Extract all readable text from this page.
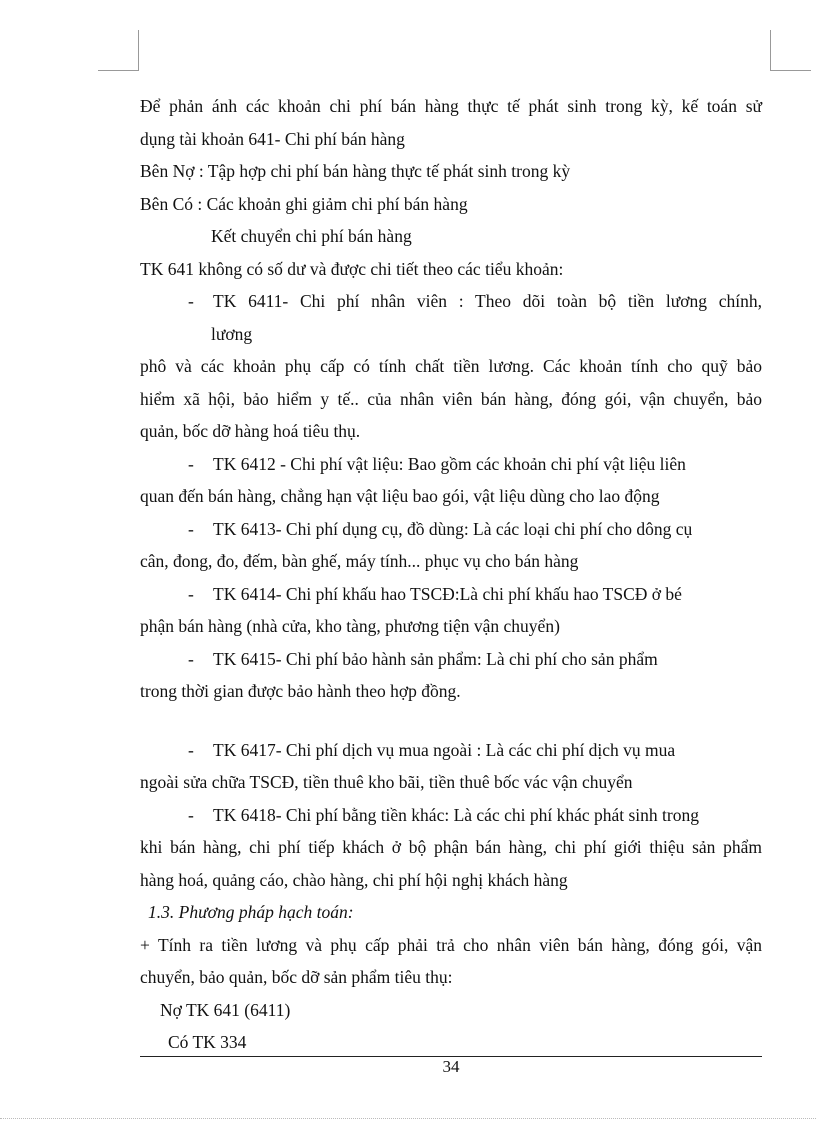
Để phản ánh các khoản chi phí bán hàng thực tế phát sinh trong kỳ, kế toán sử
dụng tài khoản 641- Chi phí bán hàng
Bên Nợ : Tập hợp chi phí bán hàng thực tế phát sinh trong kỳ
Bên Có : Các khoản ghi giảm chi phí bán hàng
Kết chuyển chi phí bán hàng
TK 641 không có số dư và được chi tiết theo các tiểu khoản:
- TK 6411- Chi phí nhân viên : Theo dõi toàn bộ tiền lương chính,
lương
phô và các khoản phụ cấp có tính chất tiền lương. Các khoản tính cho quỹ bảo
hiểm xã hội, bảo hiểm y tế.. của nhân viên bán hàng, đóng gói, vận chuyển, bảo
quản, bốc dỡ hàng hoá tiêu thụ.
- TK 6412 - Chi phí vật liệu: Bao gồm các khoản chi phí vật liệu liên
quan đến bán hàng, chẳng hạn vật liệu bao gói, vật liệu dùng cho lao động
- TK 6413- Chi phí dụng cụ, đồ dùng: Là các loại chi phí cho dông cụ
cân, đong, đo, đếm, bàn ghế, máy tính... phục vụ cho bán hàng
- TK 6414- Chi phí khấu hao TSCĐ:Là chi phí khấu hao TSCĐ ở bé
phận bán hàng (nhà cửa, kho tàng, phương tiện vận chuyển)
- TK 6415- Chi phí bảo hành sản phẩm: Là chi phí cho sản phẩm
trong thời gian được bảo hành theo hợp đồng.
- TK 6417- Chi phí dịch vụ mua ngoài : Là các chi phí dịch vụ mua
ngoài sửa chữa TSCĐ, tiền thuê kho bãi, tiền thuê bốc vác vận chuyển
- TK 6418- Chi phí bằng tiền khác: Là các chi phí khác phát sinh trong
khi bán hàng, chi phí tiếp khách ở bộ phận bán hàng, chi phí giới thiệu sản phẩm
hàng hoá, quảng cáo, chào hàng, chi phí hội nghị khách hàng
1.3. Phương pháp hạch toán:
+ Tính ra tiền lương và phụ cấp phải trả cho nhân viên bán hàng, đóng gói, vận
chuyển, bảo quản, bốc dỡ sản phẩm tiêu thụ:
Nợ TK 641 (6411)
Có TK 334
34
